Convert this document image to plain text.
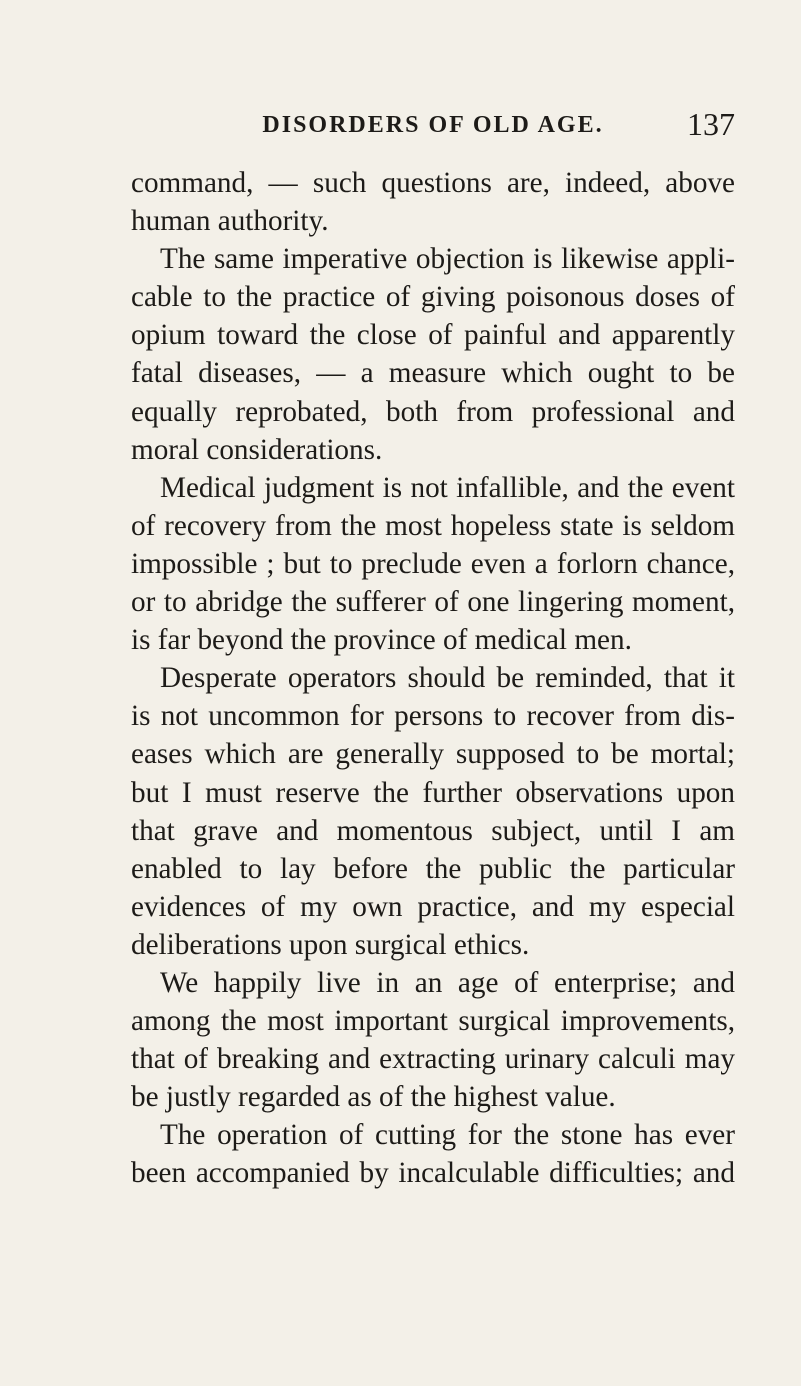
DISORDERS OF OLD AGE.	137
command, — such questions are, indeed, above
human authority.
The same imperative objection is likewise appli-
cable to the practice of giving poisonous doses of
opium toward the close of painful and apparently
fatal diseases, — a measure which ought to be
equally reprobated, both from professional and
moral considerations.
Medical judgment is not infallible, and the event
of recovery from the most hopeless state is seldom
impossible ; but to preclude even a forlorn chance,
or to abridge the sufferer of one lingering moment,
is far beyond the province of medical men.
Desperate operators should be reminded, that it
is not uncommon for persons to recover from dis-
eases which are generally supposed to be mortal;
but I must reserve the further observations upon
that grave and momentous subject, until I am
enabled to lay before the public the particular
evidences of my own practice, and my especial
deliberations upon surgical ethics.
We happily live in an age of enterprise; and
among the most important surgical improvements,
that of breaking and extracting urinary calculi may
be justly regarded as of the highest value.
The operation of cutting for the stone has ever
been accompanied by incalculable difficulties; and
